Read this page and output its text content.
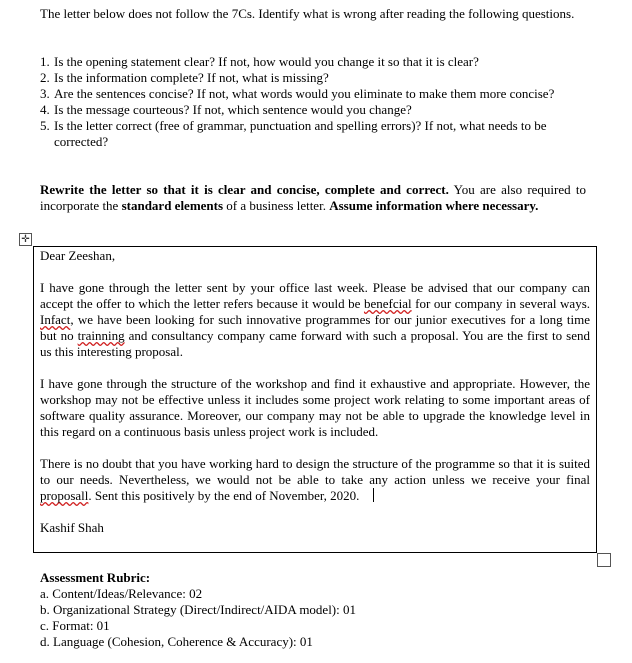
The letter below does not follow the 7Cs. Identify what is wrong after reading the following questions.

1. Is the opening statement clear? If not, how would you change it so that it is clear?
2. Is the information complete? If not, what is missing?
3. Are the sentences concise? If not, what words would you eliminate to make them more concise?
4. Is the message courteous? If not, which sentence would you change?
5. Is the letter correct (free of grammar, punctuation and spelling errors)? If not, what needs to be corrected?

Rewrite the letter so that it is clear and concise, complete and correct. You are also required to incorporate the standard elements of a business letter. Assume information where necessary.

✛

Dear Zeeshan,

I have gone through the letter sent by your office last week. Please be advised that our company can accept the offer to which the letter refers because it would be benefcial for our company in several ways. Infact, we have been looking for such innovative programmes for our junior executives for a long time but no trainning and consultancy company came forward with such a proposal. You are the first to send us this interesting proposal.

I have gone through the structure of the workshop and find it exhaustive and appropriate. However, the workshop may not be effective unless it includes some project work relating to some important areas of software quality assurance. Moreover, our company may not be able to upgrade the knowledge level in this regard on a continuous basis unless project work is included.

There is no doubt that you have working hard to design the structure of the programme so that it is suited to our needs. Nevertheless, we would not be able to take any action unless we receive your final proposall. Sent this positively by the end of November, 2020.

Kashif Shah

Assessment Rubric:
a. Content/Ideas/Relevance: 02
b. Organizational Strategy (Direct/Indirect/AIDA model): 01
c. Format: 01
d. Language (Cohesion, Coherence & Accuracy): 01
